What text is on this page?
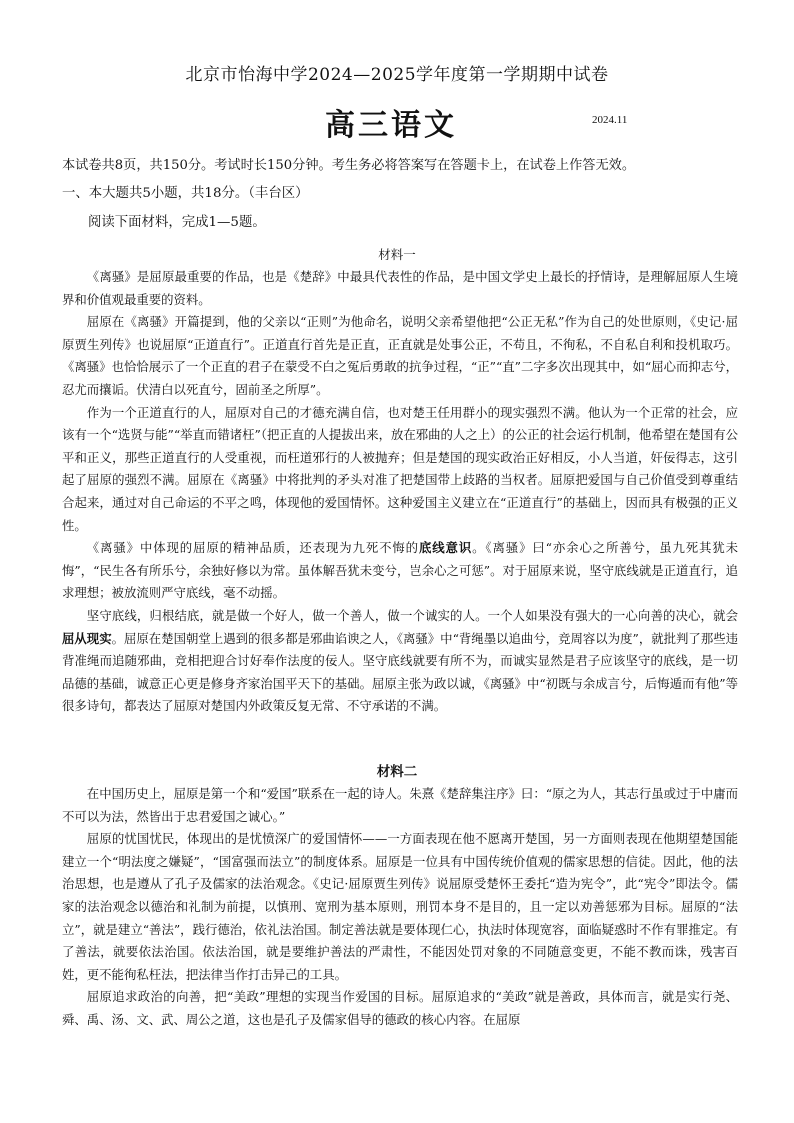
北京市怡海中学2024—2025学年度第一学期期中试卷
高三语文	2024.11
本试卷共8页，共150分。考试时长150分钟。考生务必将答案写在答题卡上，在试卷上作答无效。
一、本大题共5小题，共18分。（丰台区）
阅读下面材料，完成1—5题。
材料一

《离骚》是屈原最重要的作品，也是《楚辞》中最具代表性的作品，是中国文学史上最长的抒情诗，是理解屈原人生境界和价值观最重要的资料。

屈原在《离骚》开篇提到，他的父亲以“正则”为他命名，说明父亲希望他把“公正无私”作为自己的处世原则，《史记·屈原贾生列传》也说屈原“正道直行”。正道直行首先是正直，正直就是处事公正，不苟且，不徇私，不自私自利和投机取巧。《离骚》也恰恰展示了一个正直的君子在蒙受不白之冤后勇敢的抗争过程，“正”“直”二字多次出现其中，如“屈心而抑志兮，忍尤而攘诟。伏清白以死直兮，固前圣之所厚”。

作为一个正道直行的人，屈原对自己的才德充满自信，也对楚王任用群小的现实强烈不满。他认为一个正常的社会，应该有一个“选贤与能”“举直而错诸枉”（把正直的人提拔出来，放在邪曲的人之上）的公正的社会运行机制，他希望在楚国有公平和正义，那些正道直行的人受重视，而枉道邪行的人被抛弃；但是楚国的现实政治正好相反，小人当道，奸佞得志，这引起了屈原的强烈不满。屈原在《离骚》中将批判的矛头对准了把楚国带上歧路的当权者。屈原把爱国与自己价值受到尊重结合起来，通过对自己命运的不平之鸣，体现他的爱国情怀。这种爱国主义建立在“正道直行”的基础上，因而具有极强的正义性。

《离骚》中体现的屈原的精神品质，还表现为九死不悔的底线意识。《离骚》曰“亦余心之所善兮，虽九死其犹未悔”，“民生各有所乐兮，余独好修以为常。虽体解吾犹未变兮，岂余心之可惩”。对于屈原来说，坚守底线就是正道直行，追求理想；被放流则严守底线，毫不动摇。

坚守底线，归根结底，就是做一个好人，做一个善人，做一个诚实的人。一个人如果没有强大的一心向善的决心，就会屈从现实。屈原在楚国朝堂上遇到的很多都是邪曲谄谀之人，《离骚》中“背绳墨以追曲兮，竞周容以为度”，就批判了那些违背准绳而追随邪曲，竞相把迎合讨好奉作法度的佞人。坚守底线就要有所不为，而诚实显然是君子应该坚守的底线，是一切品德的基础，诚意正心更是修身齐家治国平天下的基础。屈原主张为政以诚，《离骚》中“初既与余成言兮，后悔遁而有他”等很多诗句，都表达了屈原对楚国内外政策反复无常、不守承诺的不满。

材料二

在中国历史上，屈原是第一个和“爱国”联系在一起的诗人。朱熹《楚辞集注序》曰：“原之为人，其志行虽或过于中庸而不可以为法，然皆出于忠君爱国之诚心。”

屈原的忧国忧民，体现出的是忧愤深广的爱国情怀——一方面表现在他不愿离开楚国，另一方面则表现在他期望楚国能建立一个“明法度之嫌疑”，“国富强而法立”的制度体系。屈原是一位具有中国传统价值观的儒家思想的信徒。因此，他的法治思想，也是遵从了孔子及儒家的法治观念。《史记·屈原贾生列传》说屈原受楚怀王委托“造为宪令”，此“宪令”即法令。儒家的法治观念以德治和礼制为前提，以慎刑、宽刑为基本原则，刑罚本身不是目的，且一定以劝善惩邪为目标。屈原的“法立”，就是建立“善法”，践行德治，依礼法治国。制定善法就是要体现仁心，执法时体现宽容，面临疑惑时不作有罪推定。有了善法，就要依法治国。依法治国，就是要维护善法的严肃性，不能因处罚对象的不同随意变更，不能不教而诛，残害百姓，更不能徇私枉法，把法律当作打击异己的工具。

屈原追求政治的向善，把“美政”理想的实现当作爱国的目标。屈原追求的“美政”就是善政，具体而言，就是实行尧、舜、禹、汤、文、武、周公之道，这也是孔子及儒家倡导的德政的核心内容。在屈原
